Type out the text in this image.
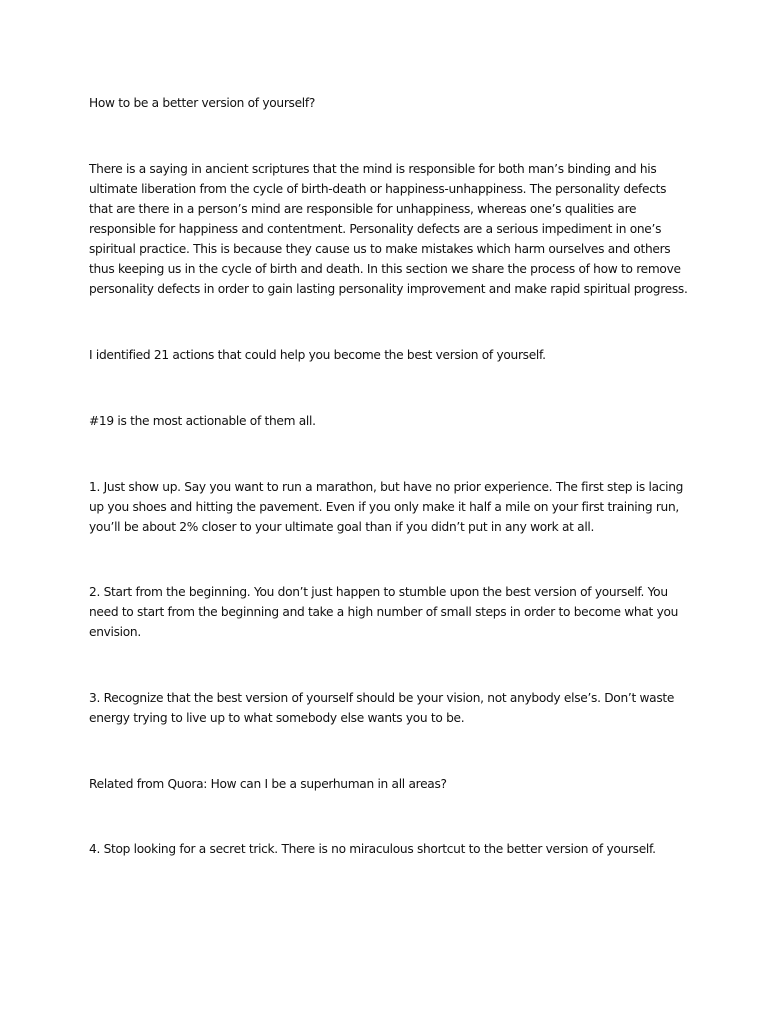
How to be a better version of yourself?

There is a saying in ancient scriptures that the mind is responsible for both man’s binding and his ultimate liberation from the cycle of birth-death or happiness-unhappiness. The personality defects that are there in a person’s mind are responsible for unhappiness, whereas one’s qualities are responsible for happiness and contentment. Personality defects are a serious impediment in one’s spiritual practice. This is because they cause us to make mistakes which harm ourselves and others thus keeping us in the cycle of birth and death. In this section we share the process of how to remove personality defects in order to gain lasting personality improvement and make rapid spiritual progress.

I identified 21 actions that could help you become the best version of yourself.

#19 is the most actionable of them all.

1. Just show up. Say you want to run a marathon, but have no prior experience. The first step is lacing up you shoes and hitting the pavement. Even if you only make it half a mile on your first training run, you’ll be about 2% closer to your ultimate goal than if you didn’t put in any work at all.

2. Start from the beginning. You don’t just happen to stumble upon the best version of yourself. You need to start from the beginning and take a high number of small steps in order to become what you envision.

3. Recognize that the best version of yourself should be your vision, not anybody else’s. Don’t waste energy trying to live up to what somebody else wants you to be.

Related from Quora: How can I be a superhuman in all areas?

4. Stop looking for a secret trick. There is no miraculous shortcut to the better version of yourself.
